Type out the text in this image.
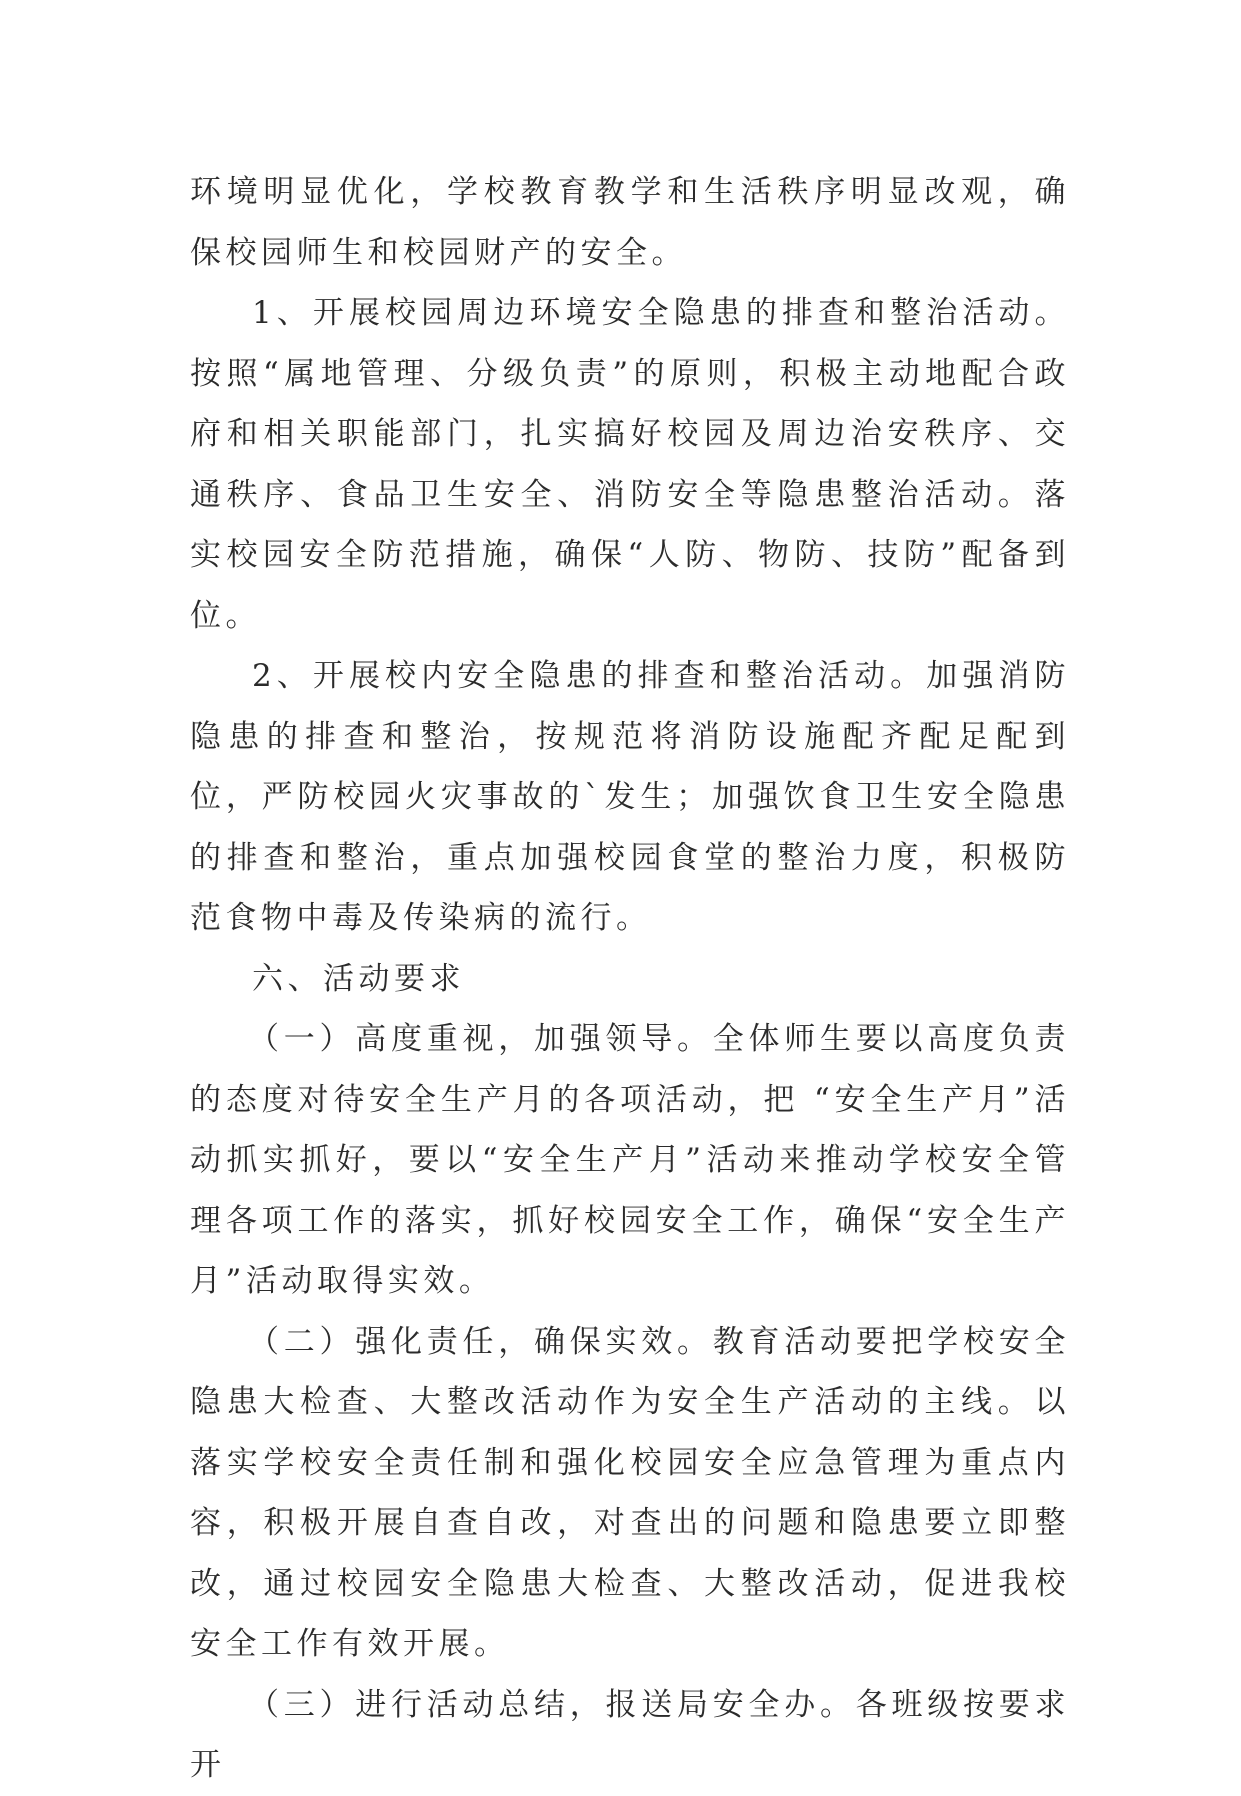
环境明显优化，学校教育教学和生活秩序明显改观，确保校园师生和校园财产的安全。

1、开展校园周边环境安全隐患的排查和整治活动。按照“属地管理、分级负责”的原则，积极主动地配合政府和相关职能部门，扎实搞好校园及周边治安秩序、交通秩序、食品卫生安全、消防安全等隐患整治活动。落实校园安全防范措施，确保“人防、物防、技防”配备到位。

2、开展校内安全隐患的排查和整治活动。加强消防隐患的排查和整治，按规范将消防设施配齐配足配到位，严防校园火灾事故的`发生；加强饮食卫生安全隐患的排查和整治，重点加强校园食堂的整治力度，积极防范食物中毒及传染病的流行。

六、活动要求

（一）高度重视，加强领导。全体师生要以高度负责的态度对待安全生产月的各项活动，把 “安全生产月”活动抓实抓好，要以“安全生产月”活动来推动学校安全管理各项工作的落实，抓好校园安全工作，确保“安全生产月”活动取得实效。

（二）强化责任，确保实效。教育活动要把学校安全隐患大检查、大整改活动作为安全生产活动的主线。以落实学校安全责任制和强化校园安全应急管理为重点内容，积极开展自查自改，对查出的问题和隐患要立即整改，通过校园安全隐患大检查、大整改活动，促进我校安全工作有效开展。

（三）进行活动总结，报送局安全办。各班级按要求开
